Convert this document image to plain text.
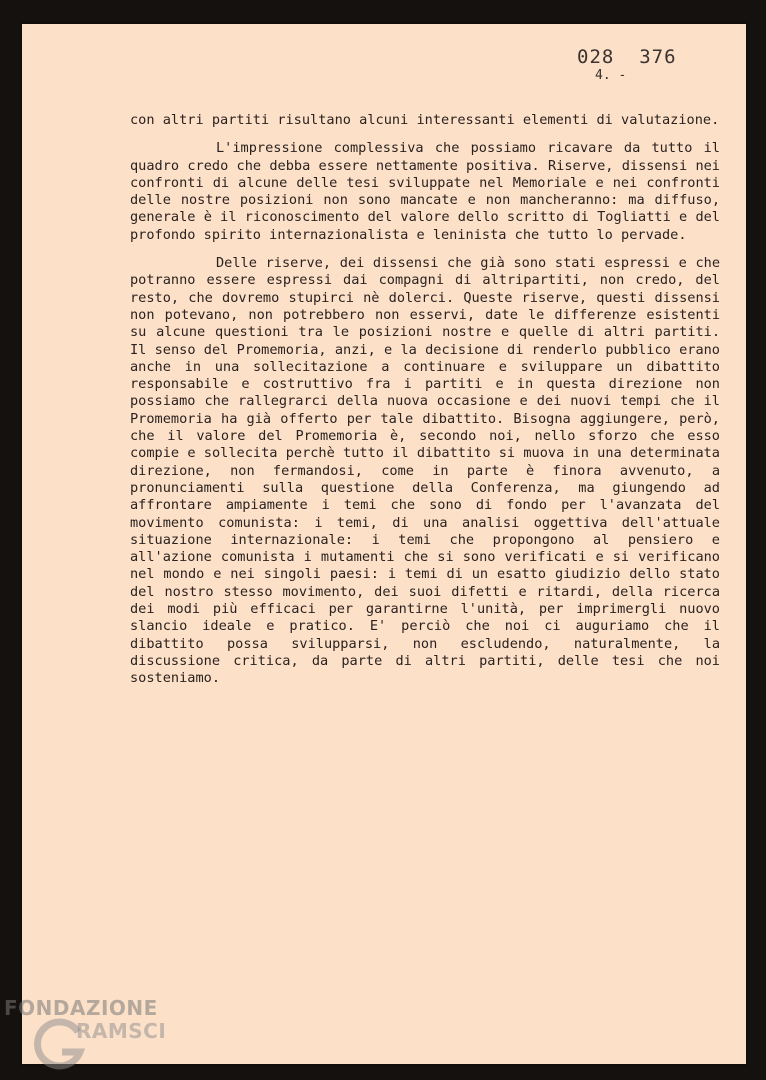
028  376
4. -

con altri partiti risultano alcuni interessanti elementi di valutazione.

L'impressione complessiva che possiamo ricavare da tutto il quadro credo che debba essere nettamente positiva. Riserve, dissensi nei confronti di alcune delle tesi sviluppate nel Memoriale e nei confronti delle nostre posizioni non sono mancate e non mancheranno: ma diffuso, generale è il riconoscimento del valore dello scritto di Togliatti e del profondo spirito internazionalista e leninista che tutto lo pervade.

Delle riserve, dei dissensi che già sono stati espressi e che potranno essere espressi dai compagni di altripartiti, non credo, del resto, che dovremo stupirci nè dolerci. Queste riserve, questi dissensi non potevano, non potrebbero non esservi, date le differenze esistenti su alcune questioni tra le posizioni nostre e quelle di altri partiti. Il senso del Promemoria, anzi, e la decisione di renderlo pubblico erano anche in una sollecitazione a continuare e sviluppare un dibattito responsabile e costruttivo fra i partiti e in questa direzione non possiamo che rallegrarci della nuova occasione e dei nuovi tempi che il Promemoria ha già offerto per tale dibattito. Bisogna aggiungere, però, che il valore del Promemoria è, secondo noi, nello sforzo che esso compie e sollecita perchè tutto il dibattito si muova in una determinata direzione, non fermandosi, come in parte è finora avvenuto, a pronunciamenti sulla questione della Conferenza, ma giungendo ad affrontare ampiamente i temi che sono di fondo per l'avanzata del movimento comunista: i temi, di una analisi oggettiva dell'attuale situazione internazionale: i temi che propongono al pensiero e all'azione comunista i mutamenti che si sono verificati e si verificano nel mondo e nei singoli paesi: i temi di un esatto giudizio dello stato del nostro stesso movimento, dei suoi difetti e ritardi, della ricerca dei modi più efficaci per garantirne l'unità, per imprimergli nuovo slancio ideale e pratico. E' perciò che noi ci auguriamo che il dibattito possa svilupparsi, non escludendo, naturalmente, la discussione critica, da parte di altri partiti, delle tesi che noi sosteniamo.

FONDAZIONE
RAMSCI
